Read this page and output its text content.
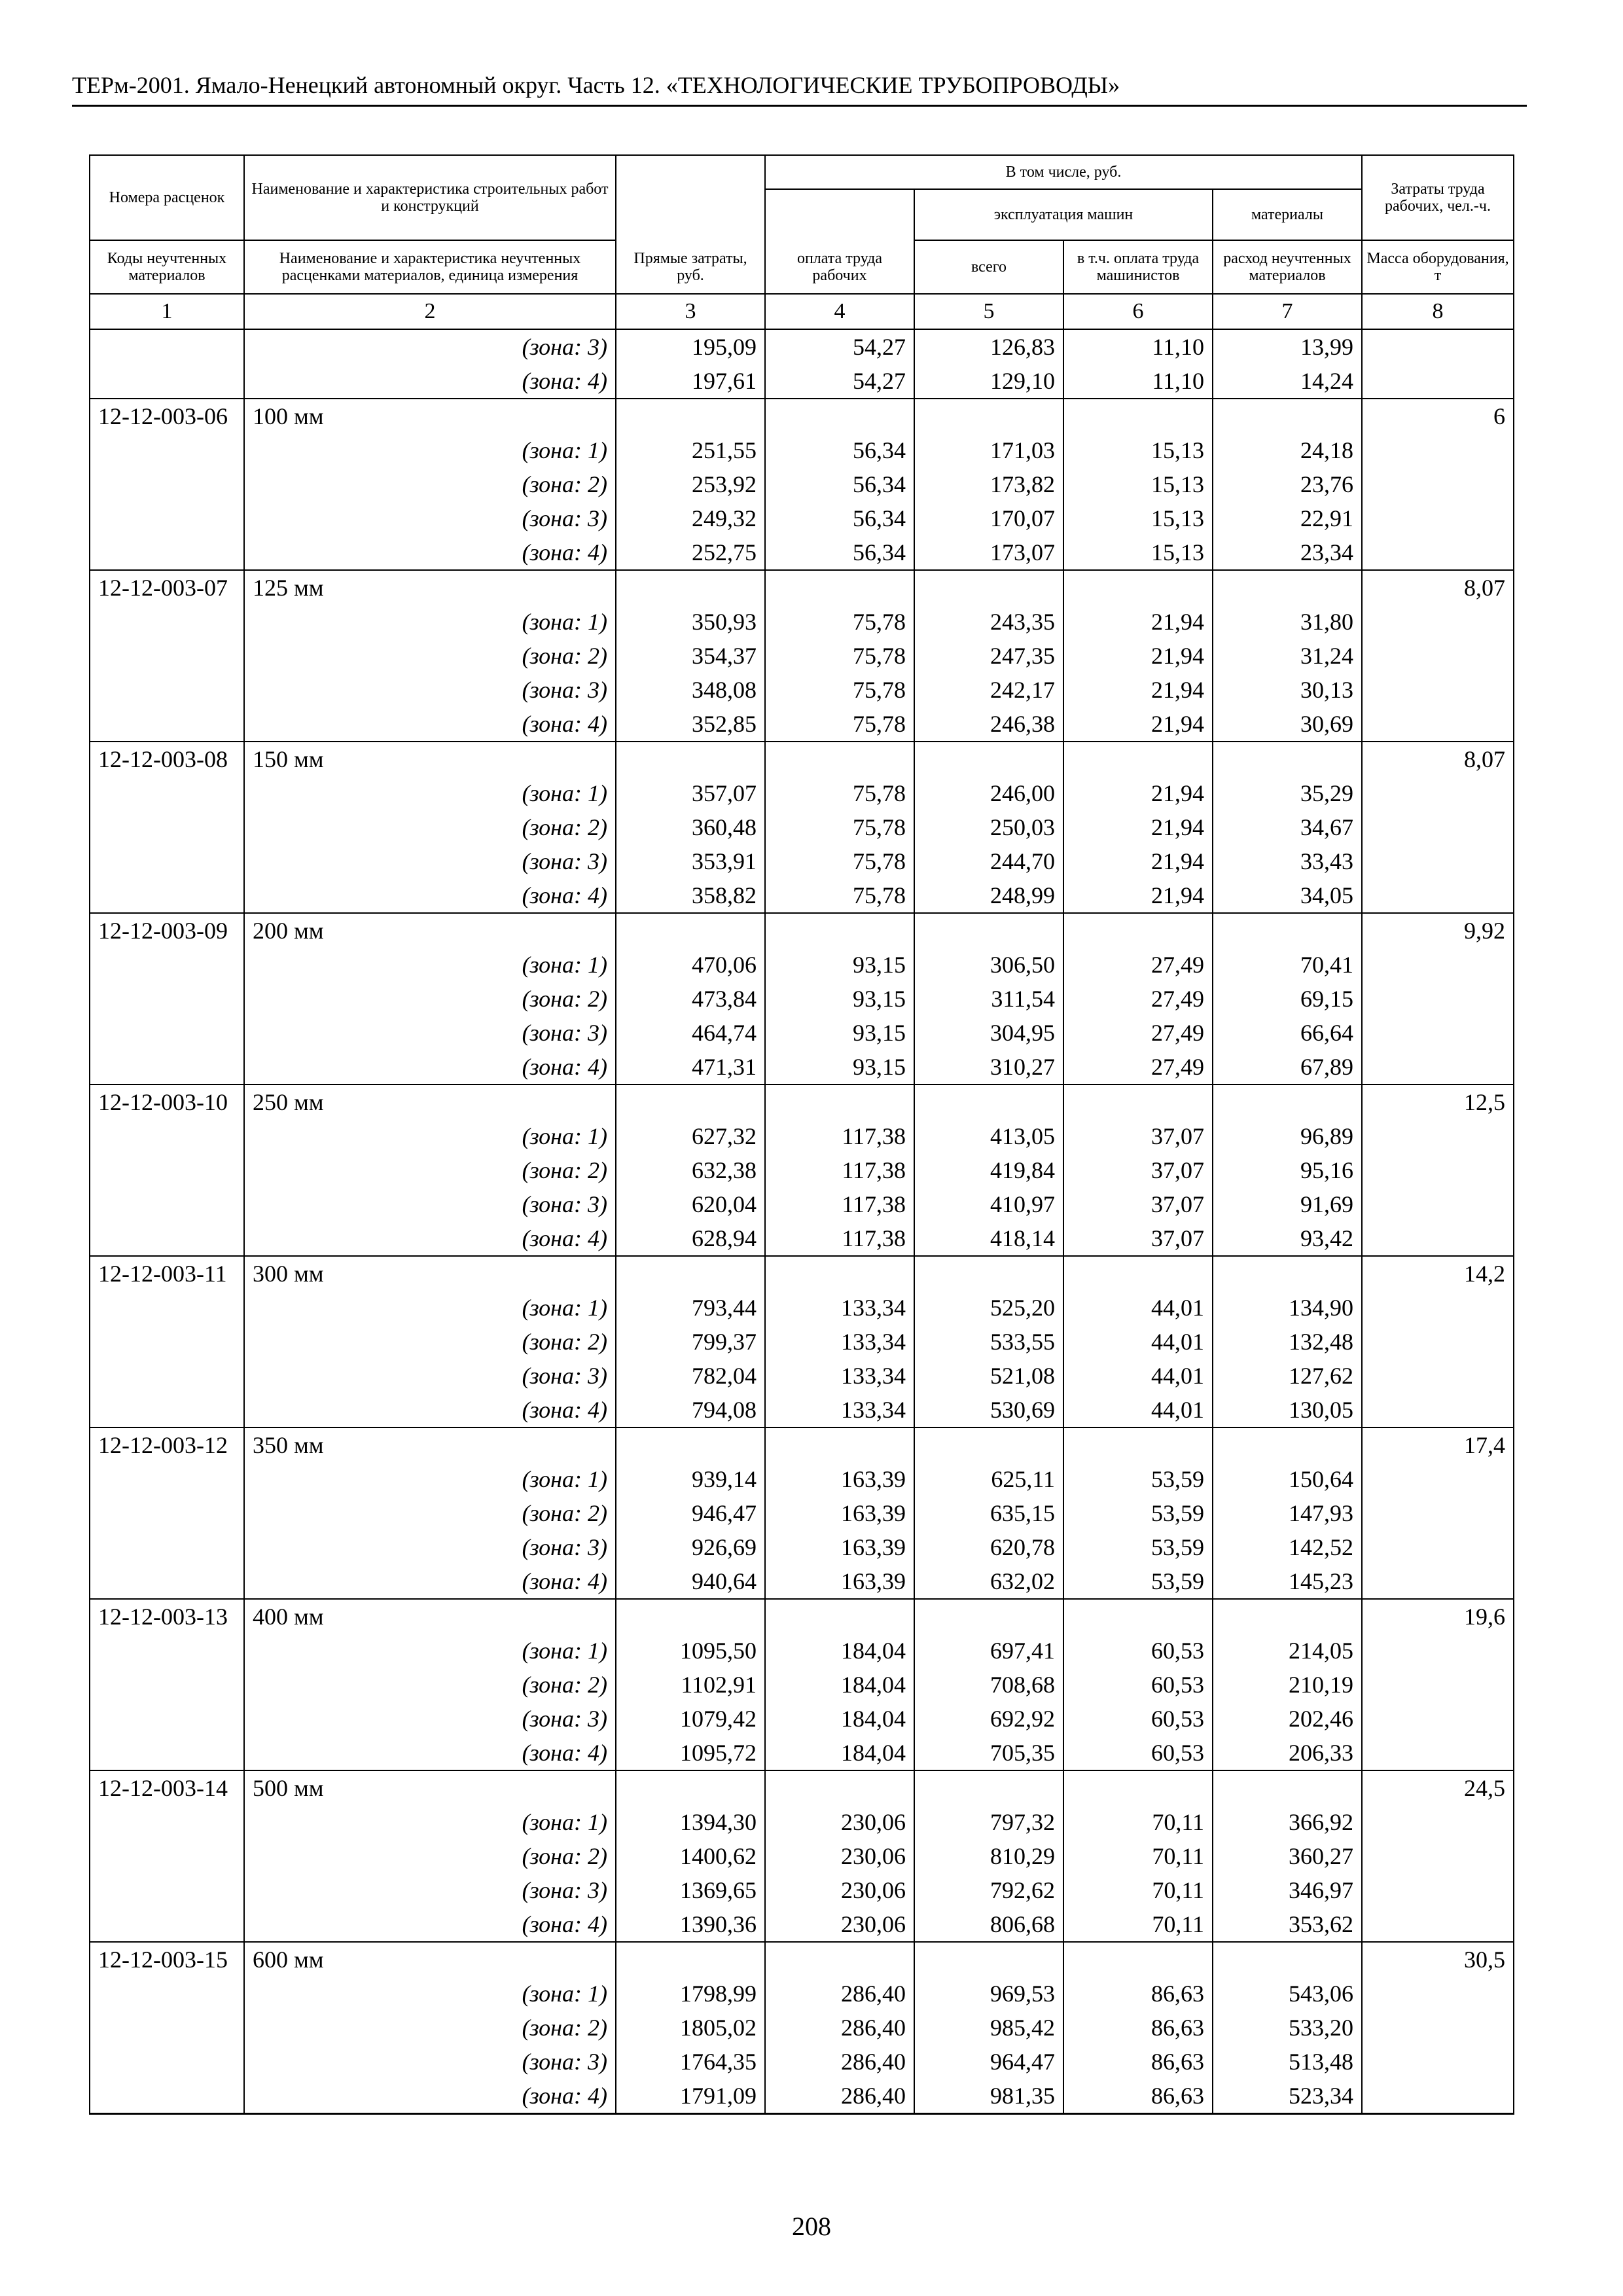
ТЕРм-2001. Ямало-Ненецкий автономный округ. Часть 12. «ТЕХНОЛОГИЧЕСКИЕ ТРУБОПРОВОДЫ»
Номера расценок	Наименование и характеристика строительных работ и конструкций	Прямые затраты, руб.	В том числе, руб.				Затраты труда рабочих, чел.-ч.
			оплата труда рабочих	эксплуатация машин		материалы	

Коды неучтенных материалов	Наименование и характеристика неучтенных расценками материалов, единица измерения			всего	в т.ч. оплата труда машинистов	расход неучтенных материалов	Масса оборудования, т

1	2	3	4	5	6	7	8
	(зона: 3)	195,09	54,27	126,83	11,10	13,99	
	(зона: 4)	197,61	54,27	129,10	11,10	14,24	
12-12-003-06	100 мм						6
	(зона: 1)	251,55	56,34	171,03	15,13	24,18	
	(зона: 2)	253,92	56,34	173,82	15,13	23,76	
	(зона: 3)	249,32	56,34	170,07	15,13	22,91	
	(зона: 4)	252,75	56,34	173,07	15,13	23,34	
12-12-003-07	125 мм						8,07
	(зона: 1)	350,93	75,78	243,35	21,94	31,80	
	(зона: 2)	354,37	75,78	247,35	21,94	31,24	
	(зона: 3)	348,08	75,78	242,17	21,94	30,13	
	(зона: 4)	352,85	75,78	246,38	21,94	30,69	
12-12-003-08	150 мм						8,07
	(зона: 1)	357,07	75,78	246,00	21,94	35,29	
	(зона: 2)	360,48	75,78	250,03	21,94	34,67	
	(зона: 3)	353,91	75,78	244,70	21,94	33,43	
	(зона: 4)	358,82	75,78	248,99	21,94	34,05	
12-12-003-09	200 мм						9,92
	(зона: 1)	470,06	93,15	306,50	27,49	70,41	
	(зона: 2)	473,84	93,15	311,54	27,49	69,15	
	(зона: 3)	464,74	93,15	304,95	27,49	66,64	
	(зона: 4)	471,31	93,15	310,27	27,49	67,89	
12-12-003-10	250 мм						12,5
	(зона: 1)	627,32	117,38	413,05	37,07	96,89	
	(зона: 2)	632,38	117,38	419,84	37,07	95,16	
	(зона: 3)	620,04	117,38	410,97	37,07	91,69	
	(зона: 4)	628,94	117,38	418,14	37,07	93,42	
12-12-003-11	300 мм						14,2
	(зона: 1)	793,44	133,34	525,20	44,01	134,90	
	(зона: 2)	799,37	133,34	533,55	44,01	132,48	
	(зона: 3)	782,04	133,34	521,08	44,01	127,62	
	(зона: 4)	794,08	133,34	530,69	44,01	130,05	
12-12-003-12	350 мм						17,4
	(зона: 1)	939,14	163,39	625,11	53,59	150,64	
	(зона: 2)	946,47	163,39	635,15	53,59	147,93	
	(зона: 3)	926,69	163,39	620,78	53,59	142,52	
	(зона: 4)	940,64	163,39	632,02	53,59	145,23	
12-12-003-13	400 мм						19,6
	(зона: 1)	1095,50	184,04	697,41	60,53	214,05	
	(зона: 2)	1102,91	184,04	708,68	60,53	210,19	
	(зона: 3)	1079,42	184,04	692,92	60,53	202,46	
	(зона: 4)	1095,72	184,04	705,35	60,53	206,33	
12-12-003-14	500 мм						24,5
	(зона: 1)	1394,30	230,06	797,32	70,11	366,92	
	(зона: 2)	1400,62	230,06	810,29	70,11	360,27	
	(зона: 3)	1369,65	230,06	792,62	70,11	346,97	
	(зона: 4)	1390,36	230,06	806,68	70,11	353,62	
12-12-003-15	600 мм						30,5
	(зона: 1)	1798,99	286,40	969,53	86,63	543,06	
	(зона: 2)	1805,02	286,40	985,42	86,63	533,20	
	(зона: 3)	1764,35	286,40	964,47	86,63	513,48	
	(зона: 4)	1791,09	286,40	981,35	86,63	523,34	
208
